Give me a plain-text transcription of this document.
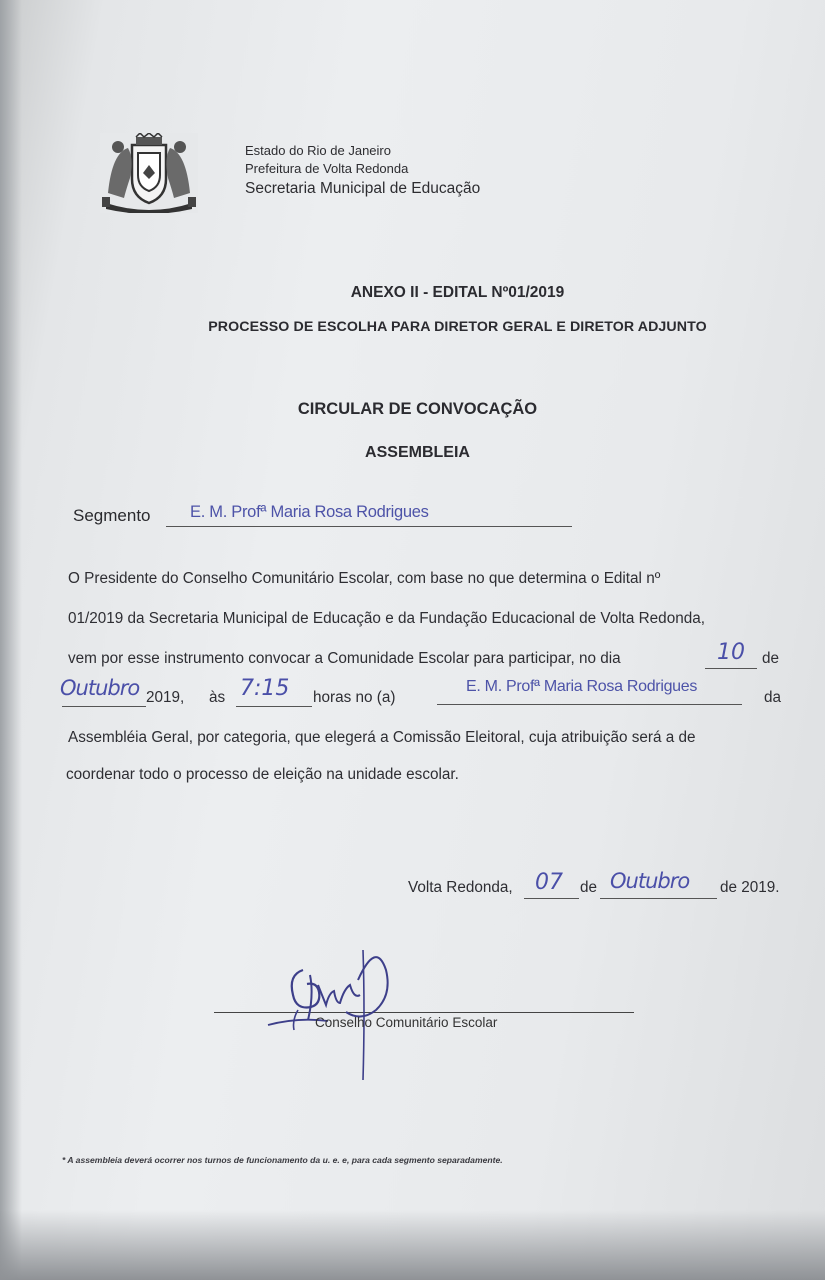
Estado do Rio de Janeiro
Prefeitura de Volta Redonda
Secretaria Municipal de Educação
ANEXO II - EDITAL Nº01/2019
PROCESSO DE ESCOLHA PARA DIRETOR GERAL E DIRETOR ADJUNTO
CIRCULAR DE CONVOCAÇÃO
ASSEMBLEIA
Segmento E. M. Profª Maria Rosa Rodrigues
O Presidente do Conselho Comunitário Escolar, com base no que determina o Edital nº
01/2019 da Secretaria Municipal de Educação e da Fundação Educacional de Volta Redonda,
vem por esse instrumento convocar a Comunidade Escolar para participar, no dia	10 de
Outubro 2019, às 7:15 horas no (a)
E. M. Profª Maria Rosa Rodrigues
da
Assembléia Geral, por categoria, que elegerá a Comissão Eleitoral, cuja atribuição será a de
coordenar todo o processo de eleição na unidade escolar.
Volta Redonda, 07 de Outubro de 2019.
Conselho Comunitário Escolar
* A assembleia deverá ocorrer nos turnos de funcionamento da u. e. e, para cada segmento separadamente.
